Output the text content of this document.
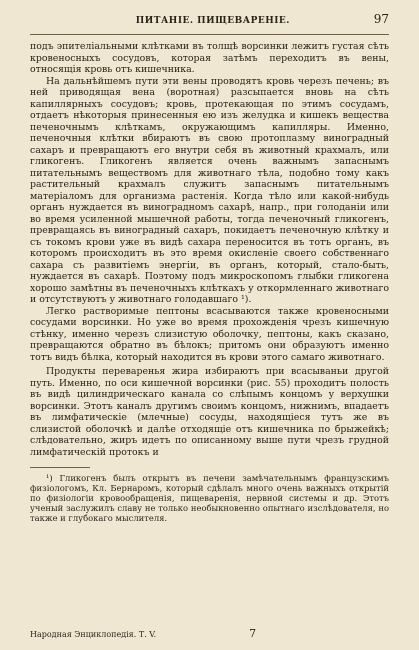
ПИТАНІЕ. ПИЩЕВАРЕНІЕ.	97

подъ эпителіальными клѣтками въ толщѣ ворсинки лежитъ густая сѣть кровеносныхъ сосудовъ, которая затѣмъ переходитъ въ вены, относящія кровь отъ кишечника.

На дальнѣйшемъ пути эти вены проводятъ кровь черезъ печень; въ ней приводящая вена (воротная) разсыпается вновь на сѣть капиллярныхъ сосудовъ; кровь, протекающая по этимъ сосудамъ, отдаетъ нѣкоторыя принесенныя ею изъ желудка и кишекъ вещества печеночнымъ клѣткамъ, окружающимъ капилляры. Именно, печеночныя клѣтки вбираютъ въ свою протоплазму виноградный сахаръ и превращаютъ его внутри себя въ животный крахмалъ, или гликогенъ. Гликогенъ является очень важнымъ запаснымъ питательнымъ веществомъ для животнаго тѣла, подобно тому какъ растительный крахмалъ служитъ запаснымъ питательнымъ матеріаломъ для организма растенія. Когда тѣло или какой-нибудь органъ нуждается въ виноградномъ сахарѣ, напр., при голоданіи или во время усиленной мышечной работы, тогда печеночный гликогенъ, превращаясь въ виноградный сахаръ, покидаетъ печеночную клѣтку и съ токомъ крови уже въ видѣ сахара переносится въ тотъ органъ, въ которомъ происходитъ въ это время окисленіе своего собственнаго сахара съ развитіемъ энергіи, въ органъ, который, стало-быть, нуждается въ сахарѣ. Поэтому подъ микроскопомъ глыбки гликогена хорошо замѣтны въ печеночныхъ клѣткахъ у откормленнаго животнаго и отсутствуютъ у животнаго голодавшаго ¹).

Легко растворимые пептоны всасываются также кровеносными сосудами ворсинки. Но уже во время прохожденія чрезъ кишечную стѣнку, именно черезъ слизистую оболочку, пептоны, какъ сказано, превращаются обратно въ бѣлокъ; притомъ они образуютъ именно тотъ видъ бѣлка, который находится въ крови этого самаго животнаго.

Продукты переваренья жира избираютъ при всасываньи другой путь. Именно, по оси кишечной ворсинки (рис. 55) проходитъ полость въ видѣ цилиндрическаго канала со слѣпымъ концомъ у верхушки ворсинки. Этотъ каналъ другимъ своимъ концомъ, нижнимъ, впадаетъ въ лимфатическіе (млечные) сосуды, находящіеся тутъ же въ слизистой оболочкѣ и далѣе отходящіе отъ кишечника по брыжейкѣ; слѣдовательно, жиръ идетъ по описанному выше пути чрезъ грудной лимфатическій протокъ и

¹) Гликогенъ былъ открытъ въ печени замѣчательнымъ французскимъ физіологомъ, Кл. Бернаромъ, который сдѣлалъ много очень важныхъ открытій по физіологіи кровообращенія, пищеваренія, нервной системы и др. Этотъ ученый заслужилъ славу не только необыкновенно опытнаго изслѣдователя, но также и глубокаго мыслителя.

Народная Энциклопедія. Т. V.	7
